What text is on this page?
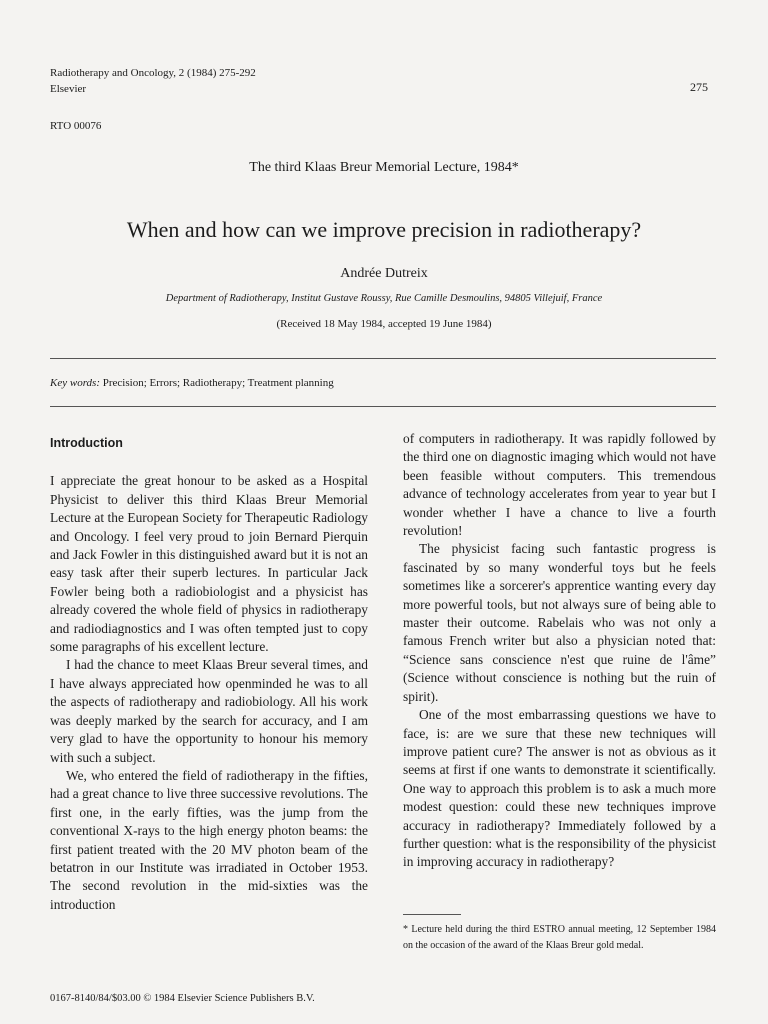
Radiotherapy and Oncology, 2 (1984) 275-292
Elsevier	275
RTO 00076
The third Klaas Breur Memorial Lecture, 1984*
When and how can we improve precision in radiotherapy?
Andrée Dutreix
Department of Radiotherapy, Institut Gustave Roussy, Rue Camille Desmoulins, 94805 Villejuif, France
(Received 18 May 1984, accepted 19 June 1984)
Key words: Precision; Errors; Radiotherapy; Treatment planning
Introduction

I appreciate the great honour to be asked as a Hospital Physicist to deliver this third Klaas Breur Memorial Lecture at the European Society for Therapeutic Radiology and Oncology. I feel very proud to join Bernard Pierquin and Jack Fowler in this distinguished award but it is not an easy task after their superb lectures. In particular Jack Fowler being both a radiobiologist and a physicist has already covered the whole field of physics in radiotherapy and radiodiagnostics and I was often tempted just to copy some paragraphs of his excellent lecture.

I had the chance to meet Klaas Breur several times, and I have always appreciated how openminded he was to all the aspects of radiotherapy and radiobiology. All his work was deeply marked by the search for accuracy, and I am very glad to have the opportunity to honour his memory with such a subject.

We, who entered the field of radiotherapy in the fifties, had a great chance to live three successive revolutions. The first one, in the early fifties, was the jump from the conventional X-rays to the high energy photon beams: the first patient treated with the 20 MV photon beam of the betatron in our Institute was irradiated in October 1953. The second revolution in the mid-sixties was the introduction

of computers in radiotherapy. It was rapidly followed by the third one on diagnostic imaging which would not have been feasible without computers. This tremendous advance of technology accelerates from year to year but I wonder whether I have a chance to live a fourth revolution!

The physicist facing such fantastic progress is fascinated by so many wonderful toys but he feels sometimes like a sorcerer's apprentice wanting every day more powerful tools, but not always sure of being able to master their outcome. Rabelais who was not only a famous French writer but also a physician noted that: “Science sans conscience n'est que ruine de l'âme” (Science without conscience is nothing but the ruin of spirit).

One of the most embarrassing questions we have to face, is: are we sure that these new techniques will improve patient cure? The answer is not as obvious as it seems at first if one wants to demonstrate it scientifically. One way to approach this problem is to ask a much more modest question: could these new techniques improve accuracy in radiotherapy? Immediately followed by a further question: what is the responsibility of the physicist in improving accuracy in radiotherapy?

* Lecture held during the third ESTRO annual meeting, 12 September 1984 on the occasion of the award of the Klaas Breur gold medal.
0167-8140/84/$03.00 © 1984 Elsevier Science Publishers B.V.
